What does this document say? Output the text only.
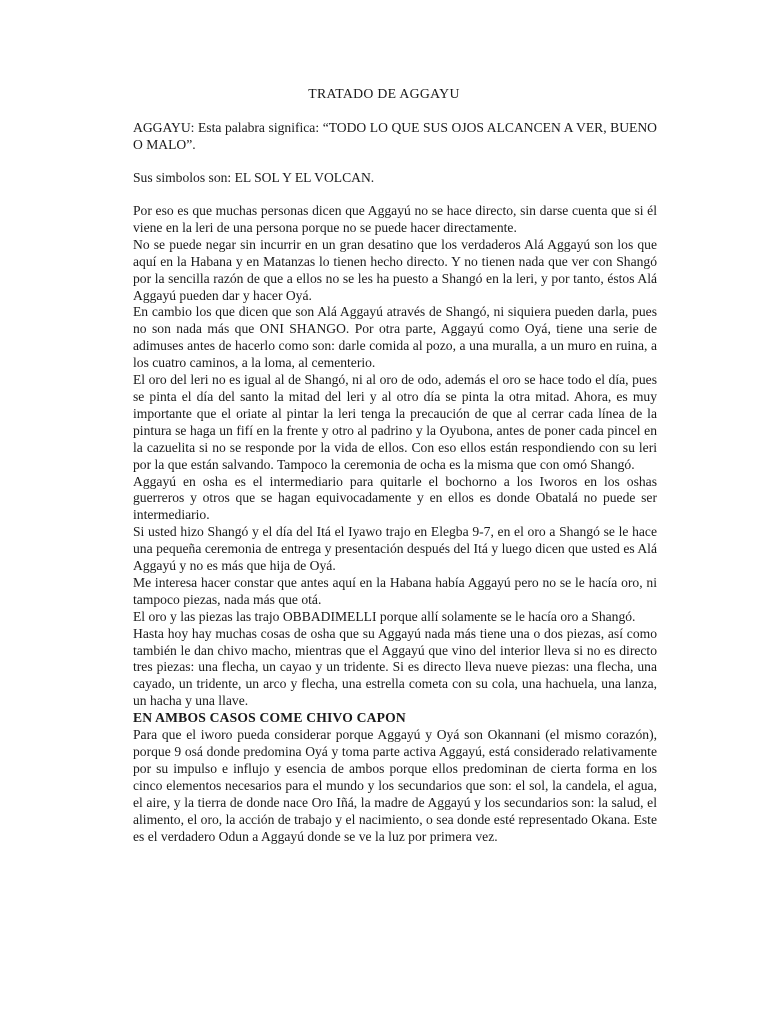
TRATADO DE AGGAYU

AGGAYU: Esta palabra significa: “TODO LO QUE SUS OJOS ALCANCEN A VER, BUENO O MALO”.

Sus simbolos son: EL SOL Y EL VOLCAN.

Por eso es que muchas personas dicen que Aggayú no se hace directo, sin darse cuenta que si él viene en la leri de una persona porque no se puede hacer directamente.

No se puede negar sin incurrir en un gran desatino que los verdaderos Alá Aggayú son los que aquí en la Habana y en Matanzas lo tienen hecho directo. Y no tienen nada que ver con Shangó por la sencilla razón de que a ellos no se les ha puesto a Shangó en la leri, y por tanto, éstos Alá Aggayú pueden dar y hacer Oyá.

En cambio los que dicen que son Alá Aggayú através de Shangó, ni siquiera pueden darla, pues no son nada más que ONI SHANGO. Por otra parte, Aggayú como Oyá, tiene una serie de adimuses antes de hacerlo como son: darle comida al pozo, a una muralla, a un muro en ruina, a los cuatro caminos, a la loma, al cementerio.

El oro del leri no es igual al de Shangó, ni al oro de odo, además el oro se hace todo el día, pues se pinta el día del santo la mitad del leri y al otro día se pinta la otra mitad. Ahora, es muy importante que el oriate al pintar la leri tenga la precaución de que al cerrar cada línea de la pintura se haga un fifí en la frente y otro al padrino y la Oyubona, antes de poner cada pincel en la cazuelita si no se responde por la vida de ellos. Con eso ellos están respondiendo con su leri por la que están salvando. Tampoco la ceremonia de ocha es la misma que con omó Shangó.

Aggayú en osha es el intermediario para quitarle el bochorno a los Iworos en los oshas guerreros y otros que se hagan equivocadamente y en ellos es donde Obatalá no puede ser intermediario.

Si usted hizo Shangó y el día del Itá el Iyawo trajo en Elegba 9-7, en el oro a Shangó se le hace una pequeña ceremonia de entrega y presentación después del Itá y luego dicen que usted es Alá Aggayú y no es más que hija de Oyá.

Me interesa hacer constar que antes aquí en la Habana había Aggayú pero no se le hacía oro, ni tampoco piezas, nada más que otá.

El oro y las piezas las trajo OBBADIMELLI porque allí solamente se le hacía oro a Shangó.

Hasta hoy hay muchas cosas de osha que su Aggayú nada más tiene una o dos piezas, así como también le dan chivo macho, mientras que el Aggayú que vino del interior lleva si no es directo tres piezas: una flecha, un cayao y un tridente. Si es directo lleva nueve piezas: una flecha, una cayado, un tridente, un arco y flecha, una estrella cometa con su cola, una hachuela, una lanza, un hacha y una llave.

EN AMBOS CASOS COME CHIVO CAPON

Para que el iworo pueda considerar porque Aggayú y Oyá son Okannani (el mismo corazón), porque 9 osá donde predomina Oyá y toma parte activa Aggayú, está considerado relativamente por su impulso e influjo y esencia de ambos porque ellos predominan de cierta forma en los cinco elementos necesarios para el mundo y los secundarios que son: el sol, la candela, el agua, el aire, y la tierra de donde nace Oro Iñá, la madre de Aggayú y los secundarios son: la salud, el alimento, el oro, la acción de trabajo y el nacimiento, o sea donde esté representado Okana. Este es el verdadero Odun a Aggayú donde se ve la luz por primera vez.
